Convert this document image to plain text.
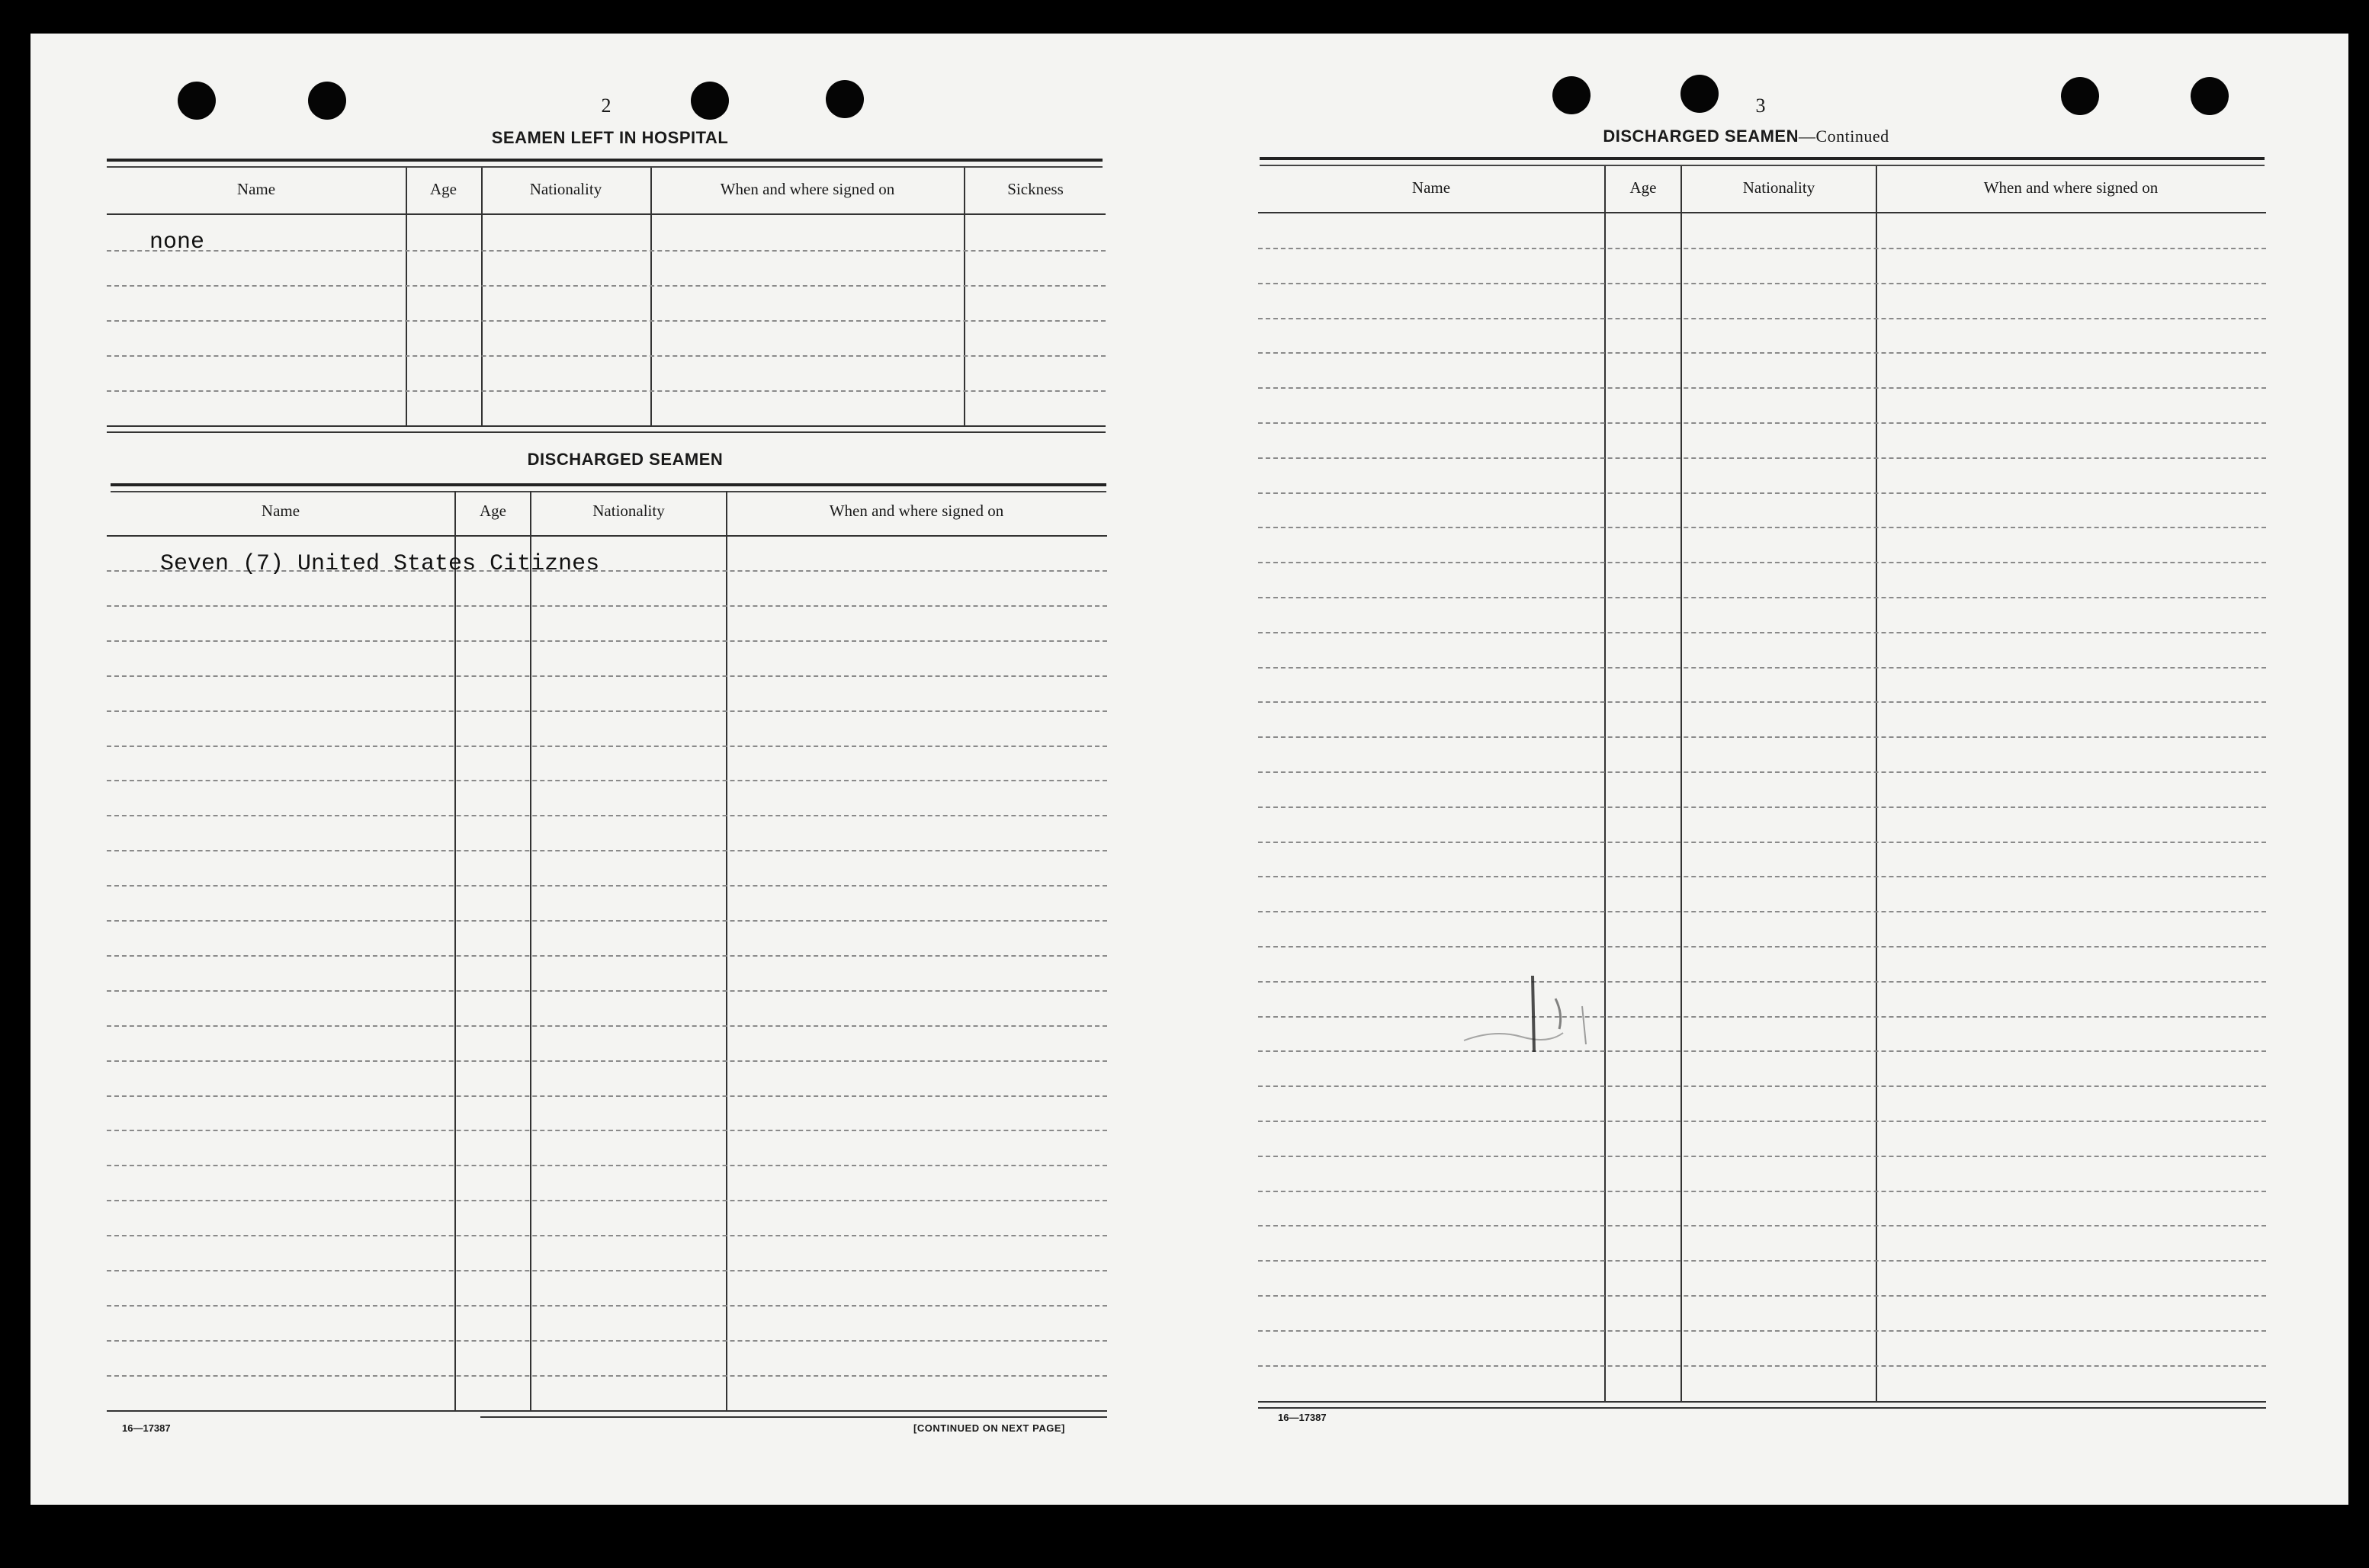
2
SEAMEN LEFT IN HOSPITAL
Name	Age	Nationality	When and where signed on	Sickness
none
DISCHARGED SEAMEN
Name	Age	Nationality	When and where signed on
Seven (7) United States Citiznes
16—17387	[CONTINUED ON NEXT PAGE]
3
DISCHARGED SEAMEN—Continued
Name	Age	Nationality	When and where signed on
16—17387
